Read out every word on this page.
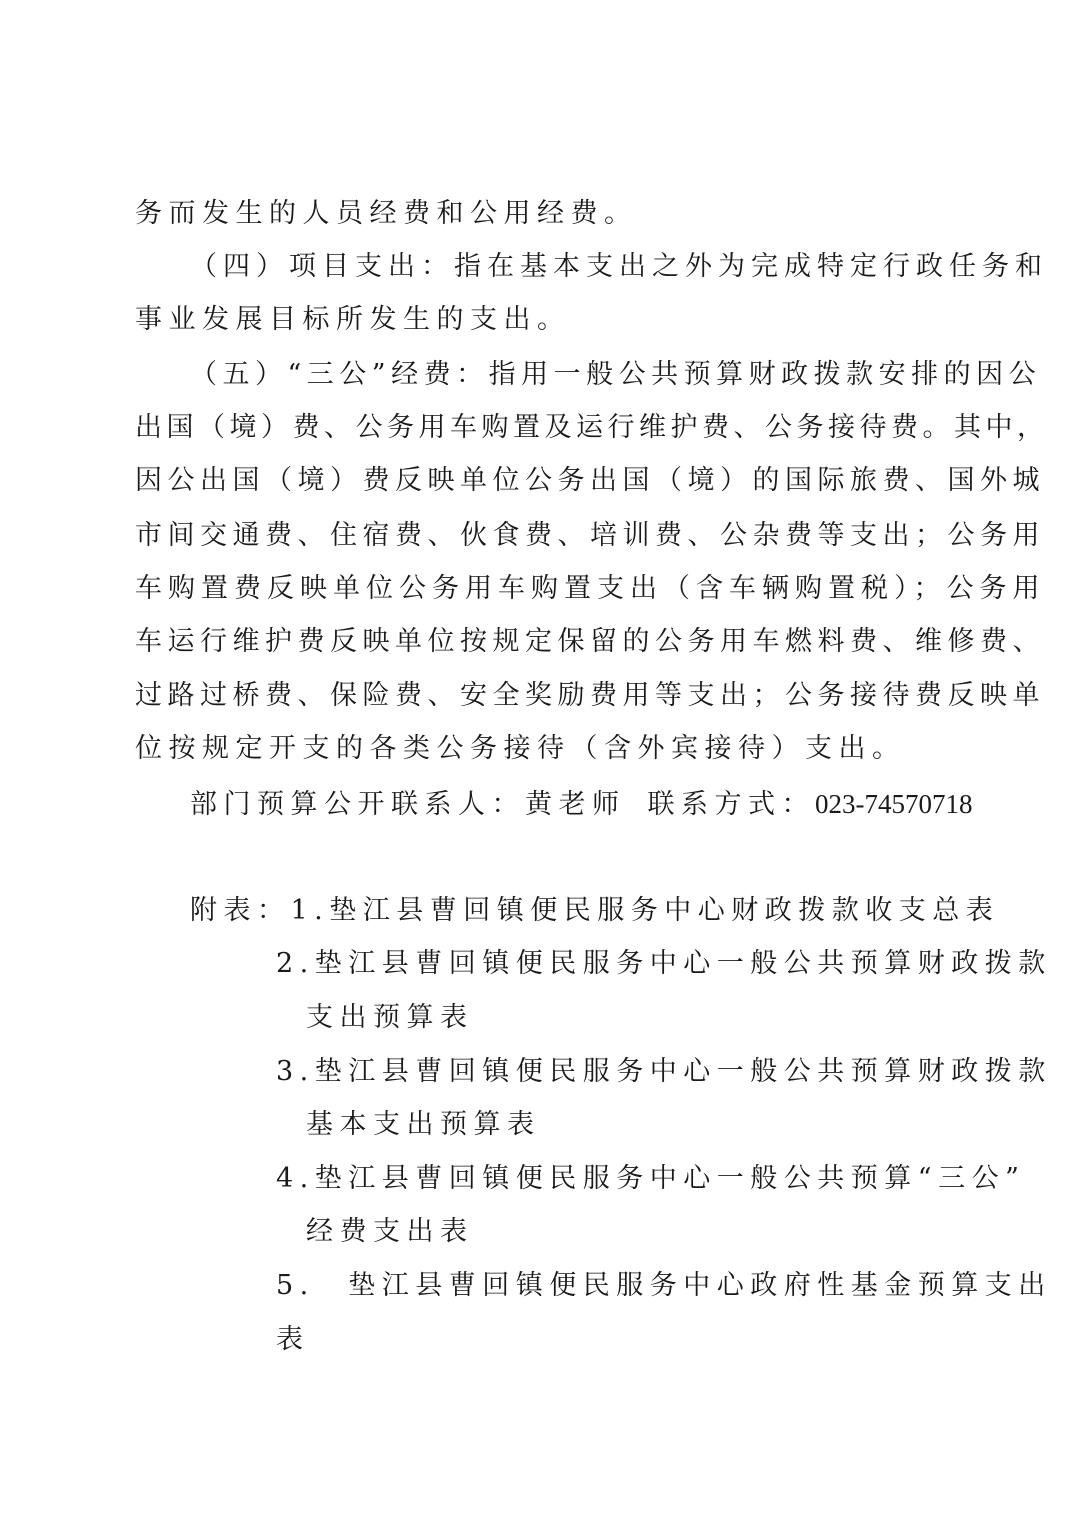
务而发生的人员经费和公用经费。
（四）项目支出：指在基本支出之外为完成特定行政任务和
事业发展目标所发生的支出。
（五）“三公”经费：指用一般公共预算财政拨款安排的因公
出国（境）费、公务用车购置及运行维护费、公务接待费。其中，
因公出国（境）费反映单位公务出国（境）的国际旅费、国外城
市间交通费、住宿费、伙食费、培训费、公杂费等支出；公务用
车购置费反映单位公务用车购置支出（含车辆购置税）；公务用
车运行维护费反映单位按规定保留的公务用车燃料费、维修费、
过路过桥费、保险费、安全奖励费用等支出；公务接待费反映单
位按规定开支的各类公务接待（含外宾接待）支出。
部门预算公开联系人：黄老师 联系方式：023-74570718
附表：1.垫江县曹回镇便民服务中心财政拨款收支总表
2.垫江县曹回镇便民服务中心一般公共预算财政拨款
支出预算表
3.垫江县曹回镇便民服务中心一般公共预算财政拨款
基本支出预算表
4.垫江县曹回镇便民服务中心一般公共预算“三公”
经费支出表
5.　垫江县曹回镇便民服务中心政府性基金预算支出
表
